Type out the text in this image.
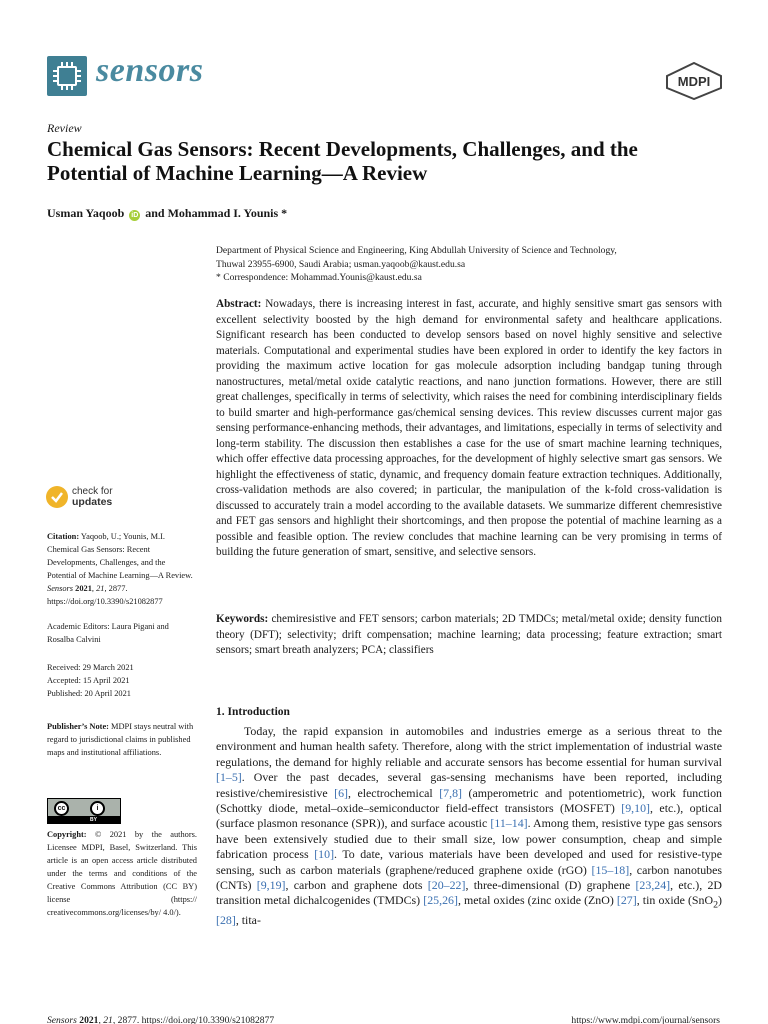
sensors	MDPI
Review
Chemical Gas Sensors: Recent Developments, Challenges, and the Potential of Machine Learning—A Review
Usman Yaqoob iD and Mohammad I. Younis *
Department of Physical Science and Engineering, King Abdullah University of Science and Technology,
Thuwal 23955-6900, Saudi Arabia; usman.yaqoob@kaust.edu.sa
* Correspondence: Mohammad.Younis@kaust.edu.sa
Abstract: Nowadays, there is increasing interest in fast, accurate, and highly sensitive smart gas sensors with excellent selectivity boosted by the high demand for environmental safety and healthcare applications. Significant research has been conducted to develop sensors based on novel highly sensitive and selective materials. Computational and experimental studies have been explored in order to identify the key factors in providing the maximum active location for gas molecule adsorption including bandgap tuning through nanostructures, metal/metal oxide catalytic reactions, and nano junction formations. However, there are still great challenges, specifically in terms of selectivity, which raises the need for combining interdisciplinary fields to build smarter and high-performance gas/chemical sensing devices. This review discusses current major gas sensing performance-enhancing methods, their advantages, and limitations, especially in terms of selectivity and long-term stability. The discussion then establishes a case for the use of smart machine learning techniques, which offer effective data processing approaches, for the development of highly selective smart gas sensors. We highlight the effectiveness of static, dynamic, and frequency domain feature extraction techniques. Additionally, cross-validation methods are also covered; in particular, the manipulation of the k-fold cross-validation is discussed to accurately train a model according to the available datasets. We summarize different chemresistive and FET gas sensors and highlight their shortcomings, and then propose the potential of machine learning as a possible and feasible option. The review concludes that machine learning can be very promising in terms of building the future generation of smart, sensitive, and selective sensors.
Keywords: chemiresistive and FET sensors; carbon materials; 2D TMDCs; metal/metal oxide; density function theory (DFT); selectivity; drift compensation; machine learning; data processing; feature extraction; smart sensors; smart breath analyzers; PCA; classifiers
check for
updates
Citation: Yaqoob, U.; Younis, M.I. Chemical Gas Sensors: Recent Developments, Challenges, and the Potential of Machine Learning—A Review. Sensors 2021, 21, 2877. https://doi.org/10.3390/s21082877
Academic Editors: Laura Pigani and Rosalba Calvini
Received: 29 March 2021
Accepted: 15 April 2021
Published: 20 April 2021
Publisher’s Note: MDPI stays neutral with regard to jurisdictional claims in published maps and institutional affiliations.
cc	i
BY
Copyright: © 2021 by the authors. Licensee MDPI, Basel, Switzerland. This article is an open access article distributed under the terms and conditions of the Creative Commons Attribution (CC BY) license (https:// creativecommons.org/licenses/by/ 4.0/).
1. Introduction

Today, the rapid expansion in automobiles and industries emerge as a serious threat to the environment and human health safety. Therefore, along with the strict implementation of industrial waste regulations, the demand for highly reliable and accurate sensors has become essential for human survival [1–5]. Over the past decades, several gas-sensing mechanisms have been reported, including resistive/chemiresistive [6], electrochemical [7,8] (amperometric and potentiometric), work function (Schottky diode, metal–oxide–semiconductor field-effect transistors (MOSFET) [9,10], etc.), optical (surface plasmon resonance (SPR)), and surface acoustic [11–14]. Among them, resistive type gas sensors have been extensively studied due to their small size, low power consumption, cheap and simple fabrication process [10]. To date, various materials have been developed and used for resistive-type sensing, such as carbon materials (graphene/reduced graphene oxide (rGO) [15–18], carbon nanotubes (CNTs) [9,19], carbon and graphene dots [20–22], three-dimensional (D) graphene [23,24], etc.), 2D transition metal dichalcogenides (TMDCs) [25,26], metal oxides (zinc oxide (ZnO) [27], tin oxide (SnO$_2$) [28], tita-

Sensors 2021, 21, 2877. https://doi.org/10.3390/s21082877	https://www.mdpi.com/journal/sensors
